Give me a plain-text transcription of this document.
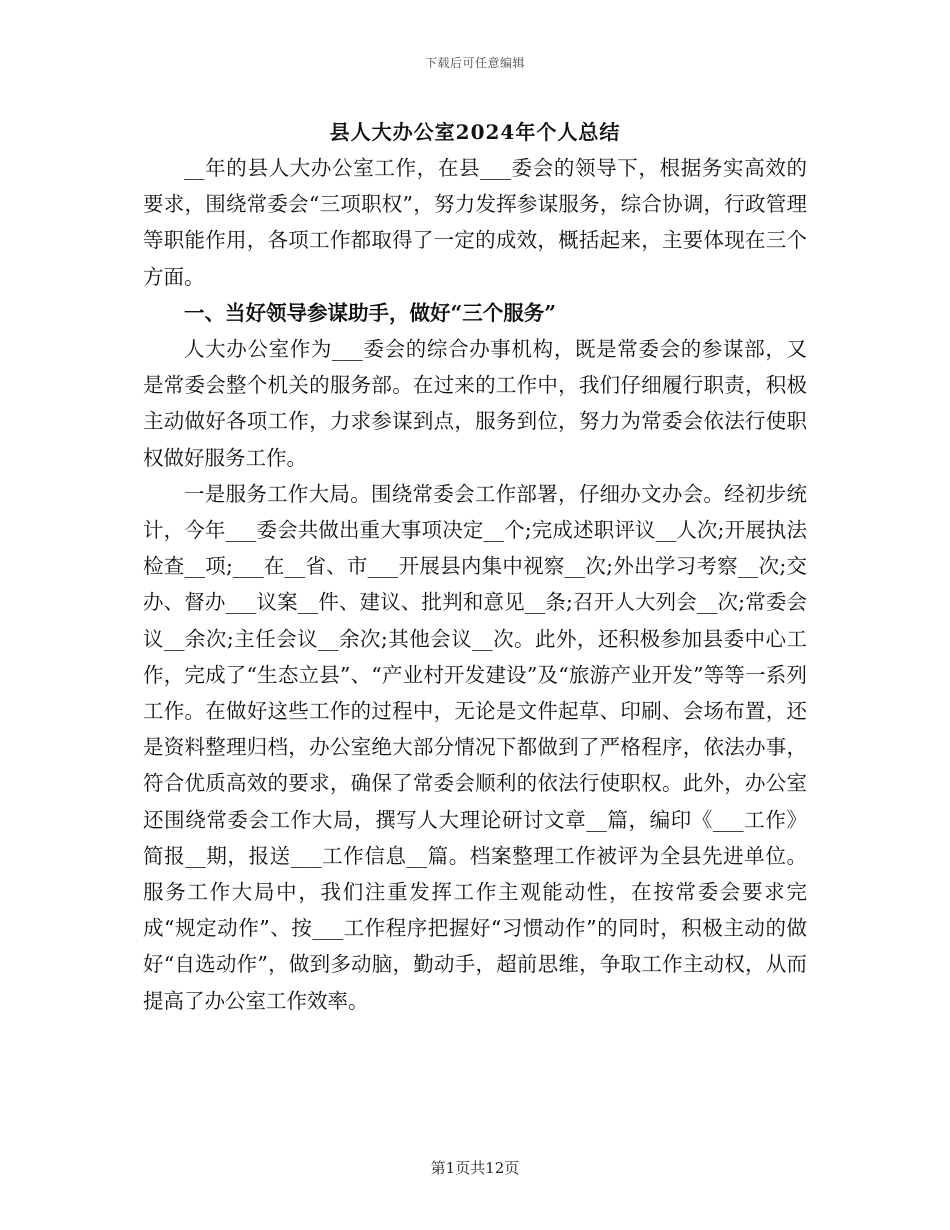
下载后可任意编辑
县人大办公室2024年个人总结

__年的县人大办公室工作，在县___委会的领导下，根据务实高效的要求，围绕常委会“三项职权”，努力发挥参谋服务，综合协调，行政管理等职能作用，各项工作都取得了一定的成效，概括起来，主要体现在三个方面。

一、当好领导参谋助手，做好“三个服务”

人大办公室作为___委会的综合办事机构，既是常委会的参谋部，又是常委会整个机关的服务部。在过来的工作中，我们仔细履行职责，积极主动做好各项工作，力求参谋到点，服务到位，努力为常委会依法行使职权做好服务工作。

一是服务工作大局。围绕常委会工作部署，仔细办文办会。经初步统计，今年___委会共做出重大事项决定__个;完成述职评议__人次;开展执法检查__项;___在__省、市___开展县内集中视察__次;外出学习考察__次;交办、督办___议案__件、建议、批判和意见__条;召开人大列会__次;常委会议__余次;主任会议__余次;其他会议__次。此外，还积极参加县委中心工作，完成了“生态立县”、“产业村开发建设”及“旅游产业开发”等等一系列工作。在做好这些工作的过程中，无论是文件起草、印刷、会场布置，还是资料整理归档，办公室绝大部分情况下都做到了严格程序，依法办事，符合优质高效的要求，确保了常委会顺利的依法行使职权。此外，办公室还围绕常委会工作大局，撰写人大理论研讨文章__篇，编印《___工作》简报__期，报送___工作信息__篇。档案整理工作被评为全县先进单位。服务工作大局中，我们注重发挥工作主观能动性，在按常委会要求完成“规定动作”、按___工作程序把握好“习惯动作”的同时，积极主动的做好“自选动作”，做到多动脑，勤动手，超前思维，争取工作主动权，从而提高了办公室工作效率。

第1页共12页
